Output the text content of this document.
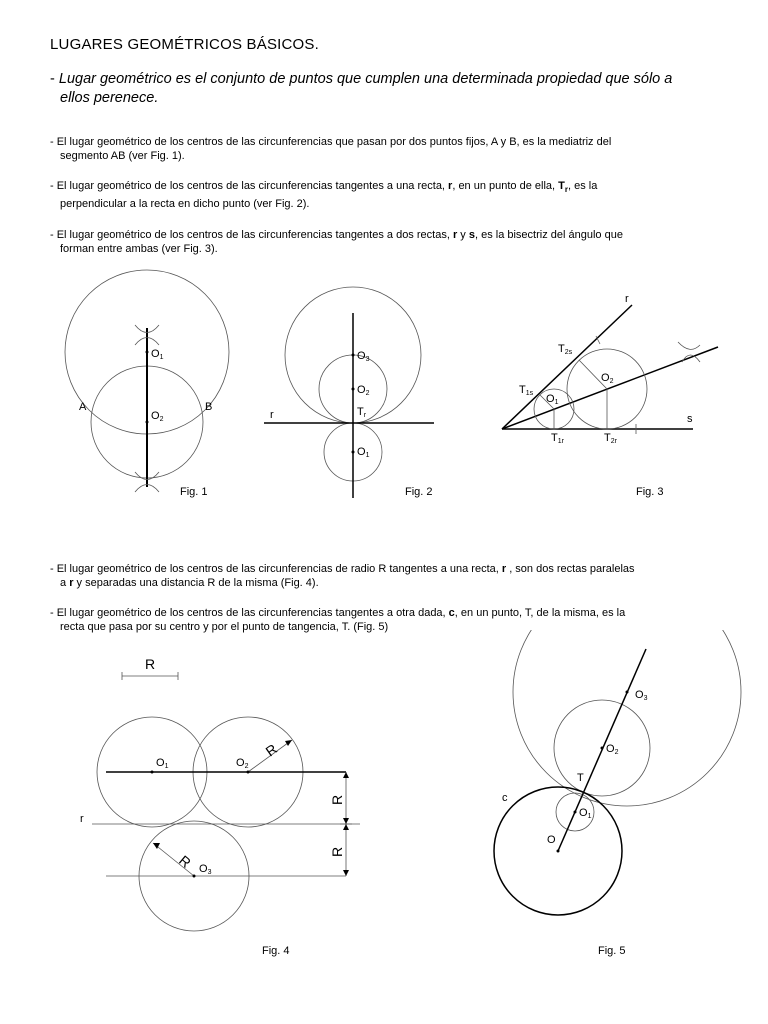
LUGARES GEOMÉTRICOS BÁSICOS.
- Lugar geométrico es el conjunto de puntos que cumplen una determinada propiedad que sólo a
ellos perenece.
- El lugar geométrico de los centros de las circunferencias que pasan por dos puntos fijos, A y B, es la mediatriz del
segmento AB (ver Fig. 1).
- El lugar geométrico de los centros de las circunferencias tangentes a una recta, r, en un punto de ella, $T_r$, es la
perpendicular a la recta en dicho punto (ver Fig. 2).
- El lugar geométrico de los centros de las circunferencias tangentes a dos rectas, r y s, es la bisectriz del ángulo que
forman entre ambas (ver Fig. 3).
- El lugar geométrico de los centros de las circunferencias de radio R tangentes a una recta, r , son dos rectas paralelas
a r y separadas una distancia R de la misma (Fig. 4).
- El lugar geométrico de los centros de las circunferencias tangentes a otra dada, c, en un punto, T, de la misma, es la
recta que pasa por su centro y por el punto de tangencia, T. (Fig. 5)
O1
O2
A	B
Fig. 1
O3
O2
O1
Tr
r
Fig. 2
r
s
T2s
T1s O1
O2
T1r	T2r
Fig. 3
R
O1	O2
O3
R
R
R
R
r
Fig. 4
O3
O2
O1
O
T
c
Fig. 5
